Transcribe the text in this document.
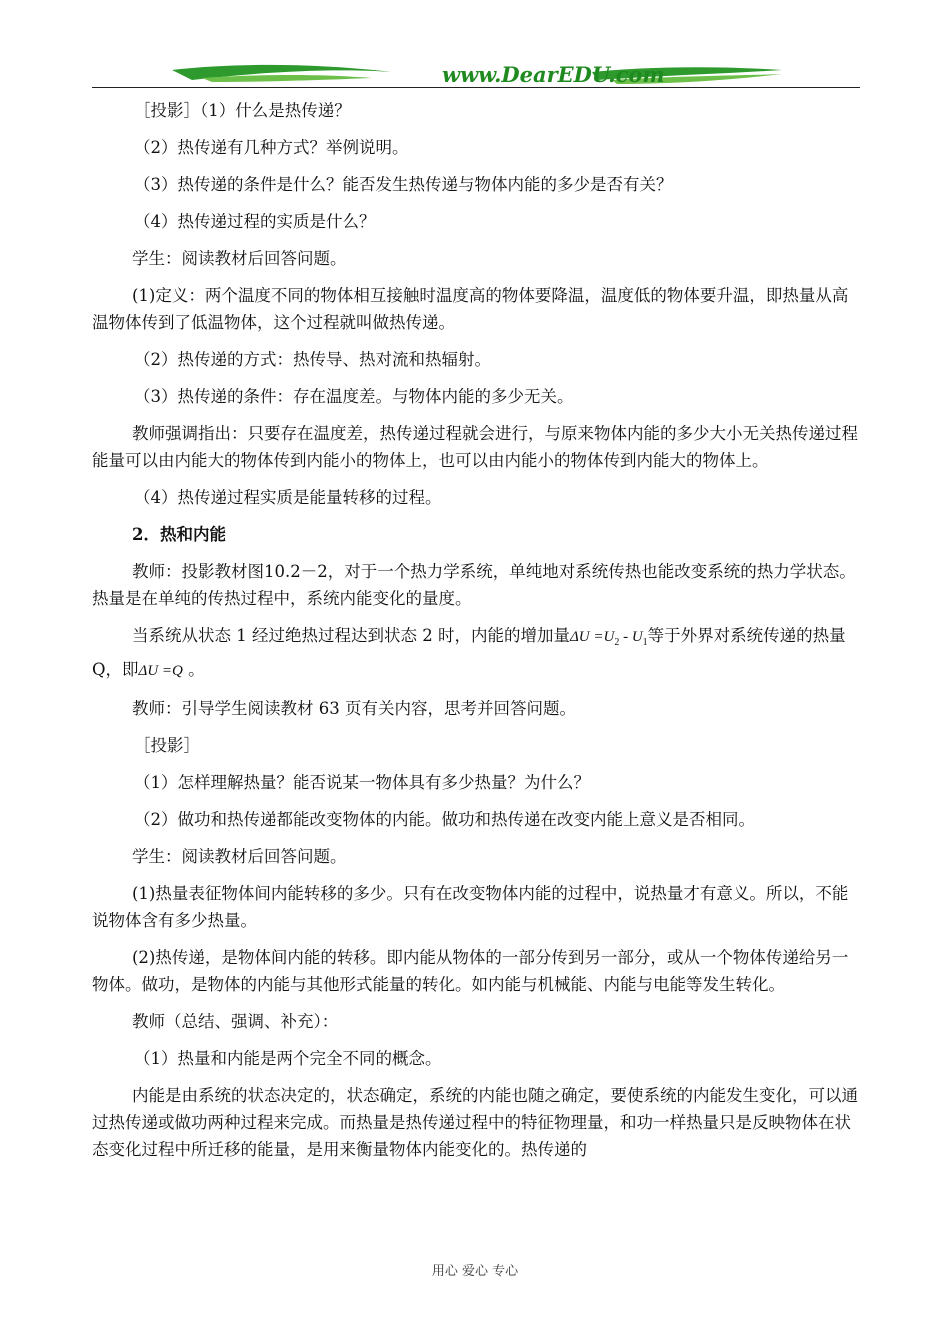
www.DearEDU.com

［投影］（1）什么是热传递？

（2）热传递有几种方式？举例说明。

（3）热传递的条件是什么？能否发生热传递与物体内能的多少是否有关？

（4）热传递过程的实质是什么？

学生：阅读教材后回答问题。

(1)定义：两个温度不同的物体相互接触时温度高的物体要降温，温度低的物体要升温，即热量从高温物体传到了低温物体，这个过程就叫做热传递。

（2）热传递的方式：热传导、热对流和热辐射。

（3）热传递的条件：存在温度差。与物体内能的多少无关。

教师强调指出：只要存在温度差，热传递过程就会进行，与原来物体内能的多少大小无关热传递过程能量可以由内能大的物体传到内能小的物体上，也可以由内能小的物体传到内能大的物体上。

（4）热传递过程实质是能量转移的过程。

2．热和内能

教师：投影教材图10.2－2，对于一个热力学系统，单纯地对系统传热也能改变系统的热力学状态。热量是在单纯的传热过程中，系统内能变化的量度。

当系统从状态 1 经过绝热过程达到状态 2 时，内能的增加量$\Delta U =U_2 - U_1$等于外界对系统传递的热量 Q，即ΔU =Q 。

教师：引导学生阅读教材 63 页有关内容，思考并回答问题。

［投影］

（1）怎样理解热量？能否说某一物体具有多少热量？为什么？

（2）做功和热传递都能改变物体的内能。做功和热传递在改变内能上意义是否相同。

学生：阅读教材后回答问题。

(1)热量表征物体间内能转移的多少。只有在改变物体内能的过程中，说热量才有意义。所以，不能说物体含有多少热量。

(2)热传递，是物体间内能的转移。即内能从物体的一部分传到另一部分，或从一个物体传递给另一物体。做功，是物体的内能与其他形式能量的转化。如内能与机械能、内能与电能等发生转化。

教师（总结、强调、补充）：

（1）热量和内能是两个完全不同的概念。

内能是由系统的状态决定的，状态确定，系统的内能也随之确定，要使系统的内能发生变化，可以通过热传递或做功两种过程来完成。而热量是热传递过程中的特征物理量，和功一样热量只是反映物体在状态变化过程中所迁移的能量，是用来衡量物体内能变化的。热传递的

用心 爱心 专心
